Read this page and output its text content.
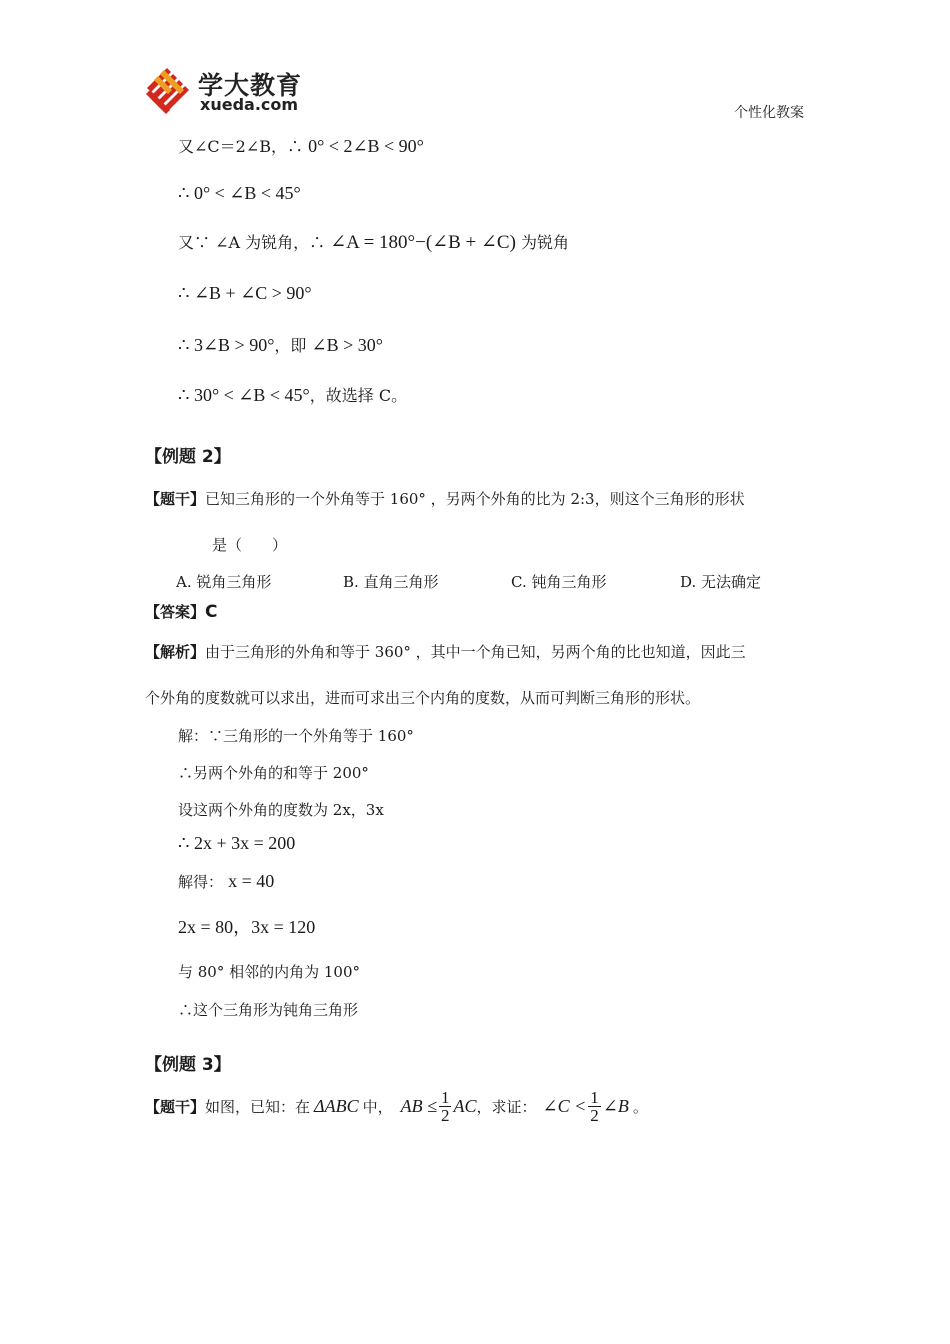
学大教育
xueda.com	个性化教案
又∠C＝2∠B，∴ 0° < 2∠B < 90°
∴ 0° < ∠B < 45°
又∵ ∠A 为锐角，∴ ∠A = 180°−(∠B + ∠C) 为锐角
∴ ∠B + ∠C > 90°
∴ 3∠B > 90°，即 ∠B > 30°
∴ 30° < ∠B < 45°，故选择 C。
【例题 2】
【题干】已知三角形的一个外角等于 160° ，另两个外角的比为 2:3，则这个三角形的形状
是（　　）
A. 锐角三角形	B. 直角三角形	C. 钝角三角形	D. 无法确定
【答案】C
【解析】由于三角形的外角和等于 360° ，其中一个角已知，另两个角的比也知道，因此三
个外角的度数就可以求出，进而可求出三个内角的度数，从而可判断三角形的形状。
解：∵三角形的一个外角等于 160°
∴另两个外角的和等于 200°
设这两个外角的度数为 2x，3x
∴ 2x + 3x = 200
解得： x = 40
2x = 80，3x = 120
与 80° 相邻的内角为 100°
∴这个三角形为钝角三角形
【例题 3】
【题干】 如图，已知：在 ΔABC 中， AB ≤ $\frac{1}{2}$ AC ，求证： ∠C < $\frac{1}{2}$ ∠B 。
